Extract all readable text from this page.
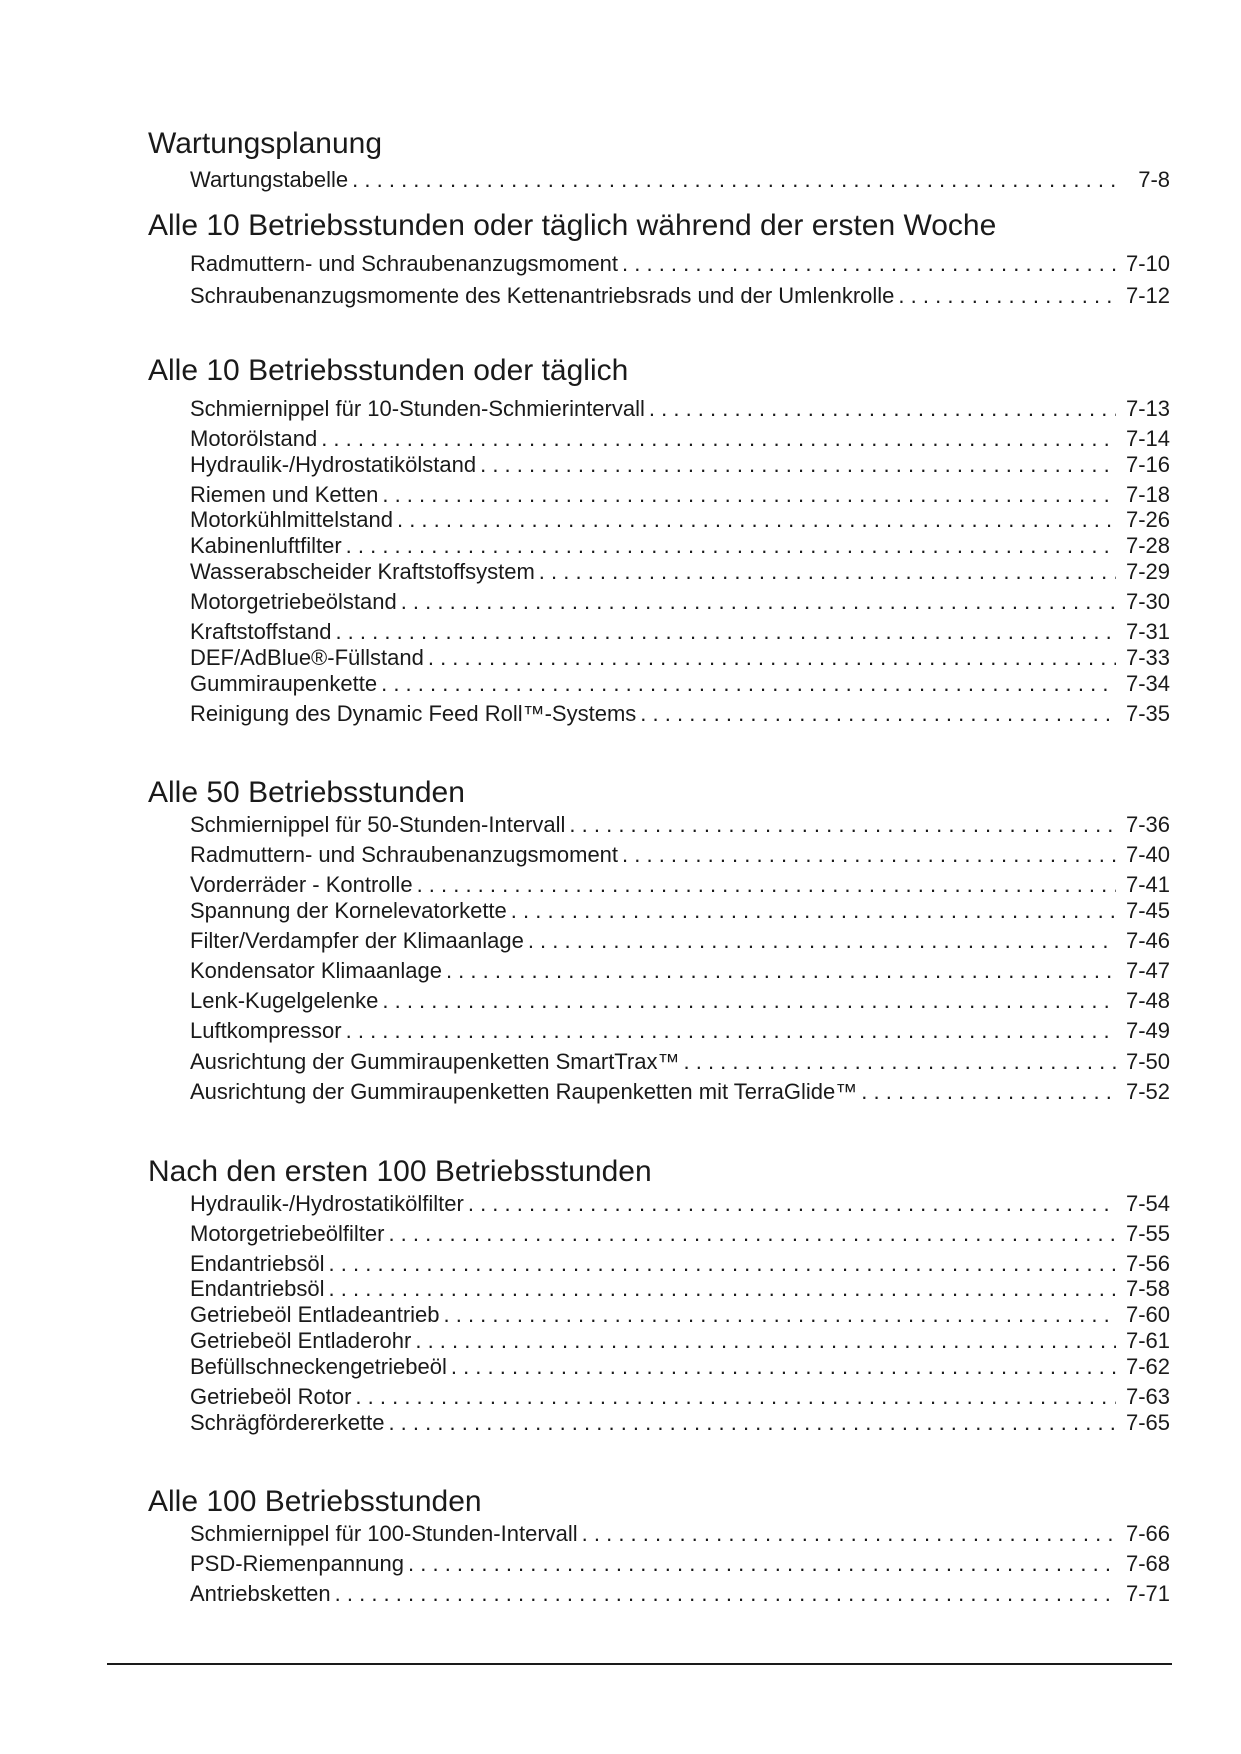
Wartungsplanung
Wartungstabelle . . .	7-8
Alle 10 Betriebsstunden oder täglich während der ersten Woche
Radmuttern- und Schraubenanzugsmoment . . .	7-10
Schraubenanzugsmomente des Kettenantriebsrads und der Umlenkrolle . . .	7-12
Alle 10 Betriebsstunden oder täglich
Schmiernippel für 10-Stunden-Schmierintervall . . .	7-13
Motorölstand . . .	7-14
Hydraulik-/Hydrostatikölstand . . .	7-16
Riemen und Ketten . . .	7-18
Motorkühlmittelstand . . .	7-26
Kabinenluftfilter . . .	7-28
Wasserabscheider Kraftstoffsystem . . .	7-29
Motorgetriebeölstand . . .	7-30
Kraftstoffstand . . .	7-31
DEF/AdBlue®-Füllstand . . .	7-33
Gummiraupenkette . . .	7-34
Reinigung des Dynamic Feed Roll™-Systems . . .	7-35
Alle 50 Betriebsstunden
Schmiernippel für 50-Stunden-Intervall . . .	7-36
Radmuttern- und Schraubenanzugsmoment . . .	7-40
Vorderräder - Kontrolle . . .	7-41
Spannung der Kornelevatorkette . . .	7-45
Filter/Verdampfer der Klimaanlage . . .	7-46
Kondensator Klimaanlage . . .	7-47
Lenk-Kugelgelenke . . .	7-48
Luftkompressor . . .	7-49
Ausrichtung der Gummiraupenketten SmartTrax™ . . .	7-50
Ausrichtung der Gummiraupenketten Raupenketten mit TerraGlide™ . . .	7-52
Nach den ersten 100 Betriebsstunden
Hydraulik-/Hydrostatikölfilter . . .	7-54
Motorgetriebeölfilter . . .	7-55
Endantriebsöl . . .	7-56
Endantriebsöl . . .	7-58
Getriebeöl Entladeantrieb . . .	7-60
Getriebeöl Entladerohr . . .	7-61
Befüllschneckengetriebeöl . . .	7-62
Getriebeöl Rotor . . .	7-63
Schrägfördererkette . . .	7-65
Alle 100 Betriebsstunden
Schmiernippel für 100-Stunden-Intervall . . .	7-66
PSD-Riemenpannung . . .	7-68
Antriebsketten . . .	7-71
